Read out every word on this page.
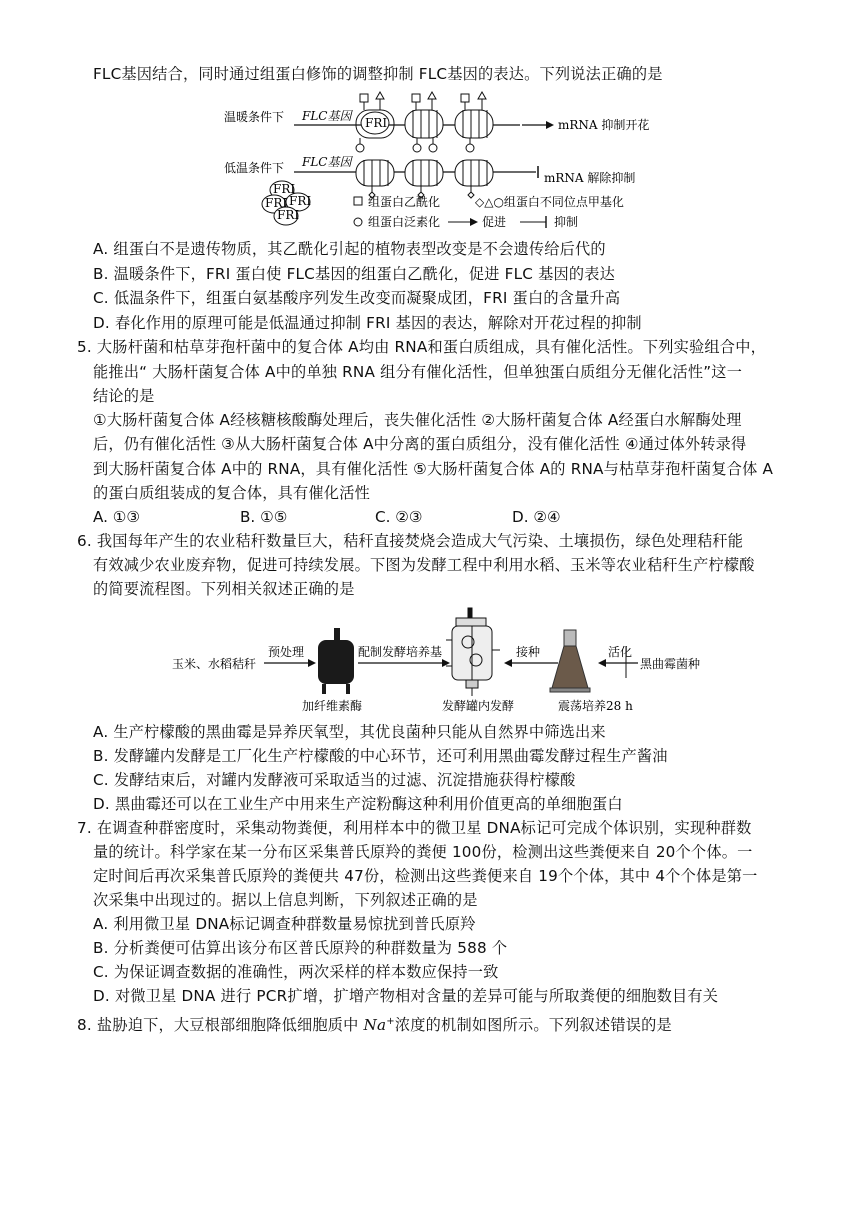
FLC基因结合，同时通过组蛋白修饰的调整抑制 FLC基因的表达。下列说法正确的是
温暖条件下 FLC基因 FRI	mRNA 抑制开花
低温条件下 FLC基因
mRNA 解除抑制
FRI
FRI FRI
FRI
组蛋白乙酰化	◇△○组蛋白不同位点甲基化
组蛋白泛素化	促进	抑制
A. 组蛋白不是遗传物质，其乙酰化引起的植物表型改变是不会遗传给后代的
B. 温暖条件下，FRI 蛋白使 FLC基因的组蛋白乙酰化，促进 FLC 基因的表达
C. 低温条件下，组蛋白氨基酸序列发生改变而凝聚成团，FRI 蛋白的含量升高
D. 春化作用的原理可能是低温通过抑制 FRI 基因的表达，解除对开花过程的抑制
5. 大肠杆菌和枯草芽孢杆菌中的复合体 A均由 RNA和蛋白质组成，具有催化活性。下列实验组合中，
能推出“ 大肠杆菌复合体 A中的单独 RNA 组分有催化活性，但单独蛋白质组分无催化活性”这一
结论的是
①大肠杆菌复合体 A经核糖核酸酶处理后，丧失催化活性 ②大肠杆菌复合体 A经蛋白水解酶处理
后，仍有催化活性 ③从大肠杆菌复合体 A中分离的蛋白质组分，没有催化活性 ④通过体外转录得
到大肠杆菌复合体 A中的 RNA，具有催化活性 ⑤大肠杆菌复合体 A的 RNA与枯草芽孢杆菌复合体 A
的蛋白质组装成的复合体，具有催化活性
A. ①③	B. ①⑤	C. ②③	D. ②④
6. 我国每年产生的农业秸秆数量巨大，秸秆直接焚烧会造成大气污染、土壤损伤，绿色处理秸秆能
有效减少农业废弃物，促进可持续发展。下图为发酵工程中利用水稻、玉米等农业秸秆生产柠檬酸
的简要流程图。下列相关叙述正确的是
玉米、水稻秸秆
预处理
加纤维素酶
配制发酵培养基
发酵罐内发酵
接种
震荡培养28 h
活化
黑曲霉菌种
A. 生产柠檬酸的黑曲霉是异养厌氧型，其优良菌种只能从自然界中筛选出来
B. 发酵罐内发酵是工厂化生产柠檬酸的中心环节，还可利用黑曲霉发酵过程生产酱油
C. 发酵结束后，对罐内发酵液可采取适当的过滤、沉淀措施获得柠檬酸
D. 黑曲霉还可以在工业生产中用来生产淀粉酶这种利用价值更高的单细胞蛋白
7. 在调查种群密度时，采集动物粪便，利用样本中的微卫星 DNA标记可完成个体识别，实现种群数
量的统计。科学家在某一分布区采集普氏原羚的粪便 100份，检测出这些粪便来自 20个个体。一
定时间后再次采集普氏原羚的粪便共 47份，检测出这些粪便来自 19个个体，其中 4个个体是第一
次采集中出现过的。据以上信息判断，下列叙述正确的是
A. 利用微卫星 DNA标记调查种群数量易惊扰到普氏原羚
B. 分析粪便可估算出该分布区普氏原羚的种群数量为 588 个
C. 为保证调查数据的准确性，两次采样的样本数应保持一致
D. 对微卫星 DNA 进行 PCR扩增，扩增产物相对含量的差异可能与所取粪便的细胞数目有关
8. 盐胁迫下，大豆根部细胞降低细胞质中 Na+浓度的机制如图所示。下列叙述错误的是
